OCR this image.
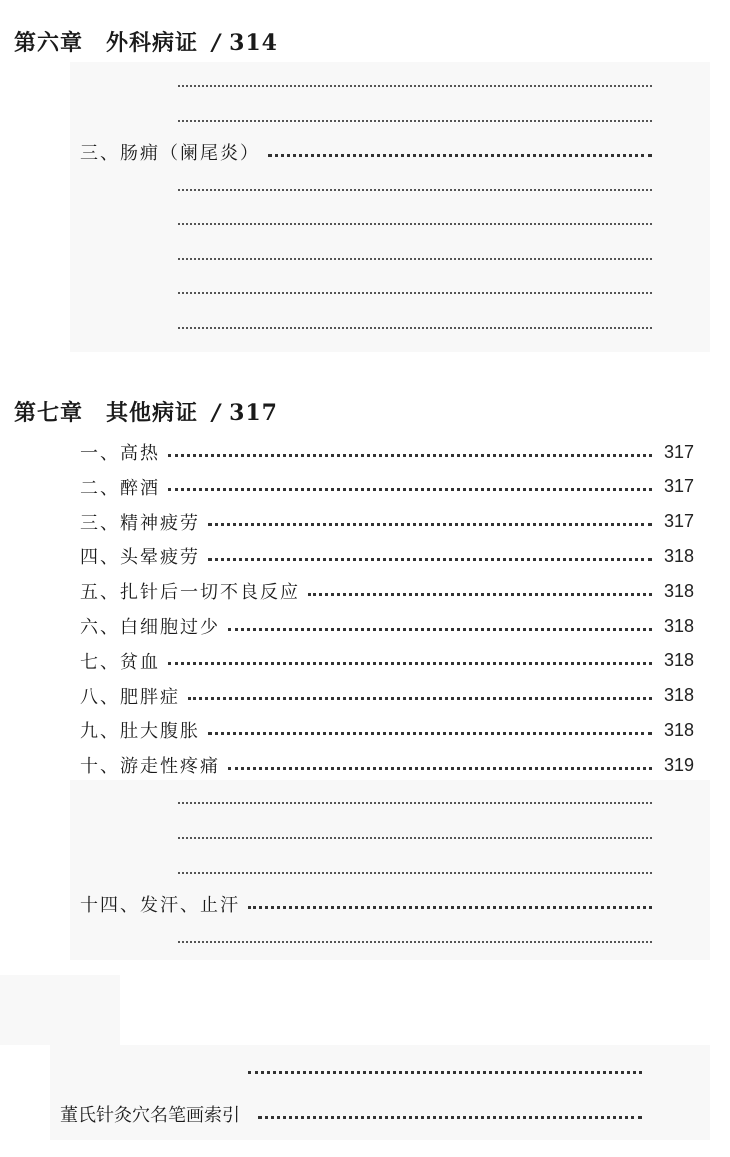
第六章　外科病证 / 314
三、肠痈（阑尾炎）
第七章　其他病证 / 317
一、高热	317
二、醉酒	317
三、精神疲劳	317
四、头晕疲劳	318
五、扎针后一切不良反应	318
六、白细胞过少	318
七、贫血	318
八、肥胖症	318
九、肚大腹胀	318
十、游走性疼痛	319
十四、发汗、止汗
董氏针灸穴名笔画索引
